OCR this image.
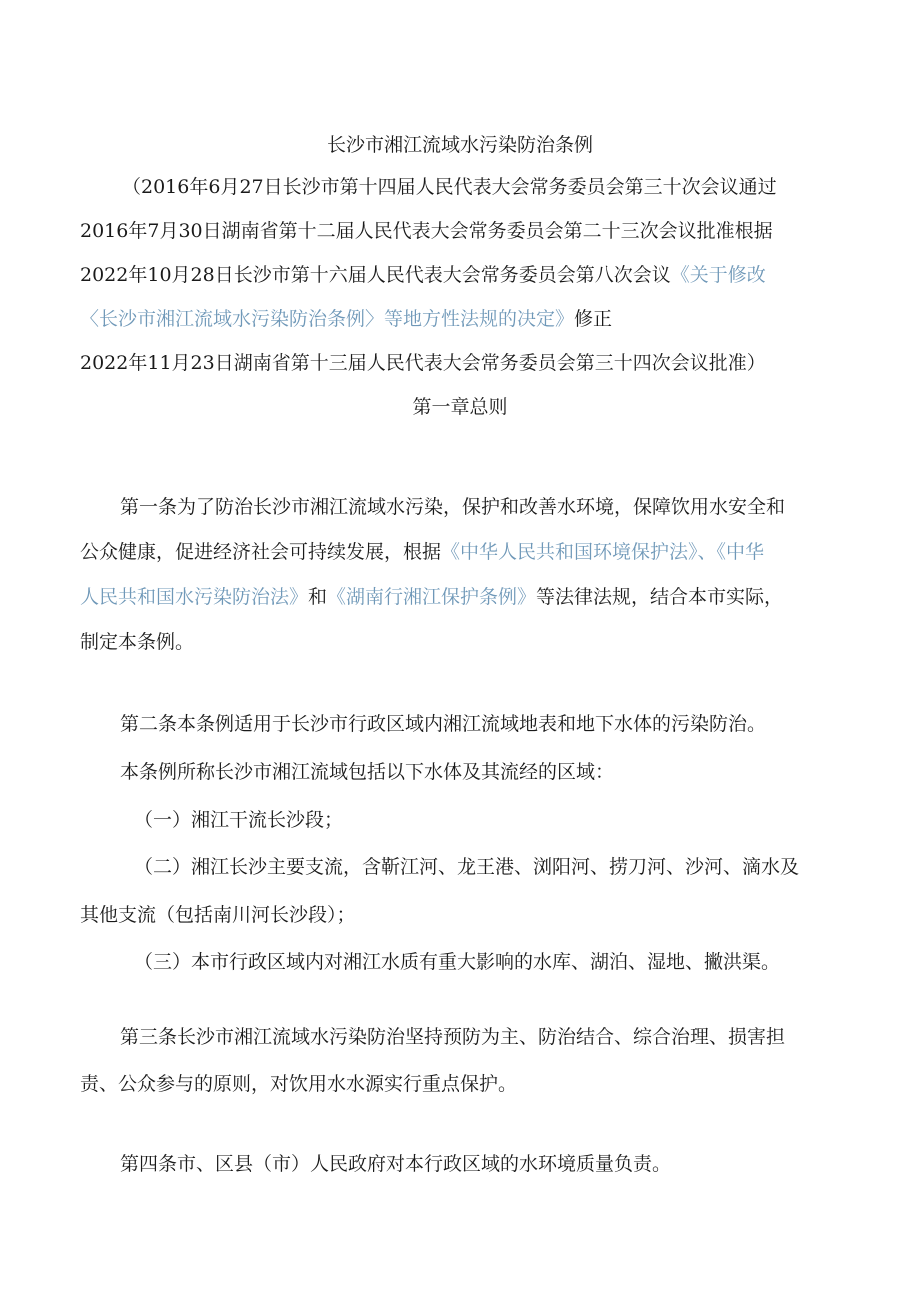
长沙市湘江流域水污染防治条例
（2016年6月27日长沙市第十四届人民代表大会常务委员会第三十次会议通过
2016年7月30日湖南省第十二届人民代表大会常务委员会第二十三次会议批准根据
2022年10月28日长沙市第十六届人民代表大会常务委员会第八次会议《关于修改
〈长沙市湘江流域水污染防治条例〉等地方性法规的决定》修正
2022年11月23日湖南省第十三届人民代表大会常务委员会第三十四次会议批准）
第一章总则
第一条为了防治长沙市湘江流域水污染，保护和改善水环境，保障饮用水安全和
公众健康，促进经济社会可持续发展，根据《中华人民共和国环境保护法》、《中华
人民共和国水污染防治法》和《湖南行湘江保护条例》等法律法规，结合本市实际，
制定本条例。
第二条本条例适用于长沙市行政区域内湘江流域地表和地下水体的污染防治。
本条例所称长沙市湘江流域包括以下水体及其流经的区域：
（一）湘江干流长沙段；
（二）湘江长沙主要支流，含靳江河、龙王港、浏阳河、捞刀河、沙河、滴水及
其他支流（包括南川河长沙段）；
（三）本市行政区域内对湘江水质有重大影响的水库、湖泊、湿地、撇洪渠。
第三条长沙市湘江流域水污染防治坚持预防为主、防治结合、综合治理、损害担
责、公众参与的原则，对饮用水水源实行重点保护。
第四条市、区县（市）人民政府对本行政区域的水环境质量负责。
